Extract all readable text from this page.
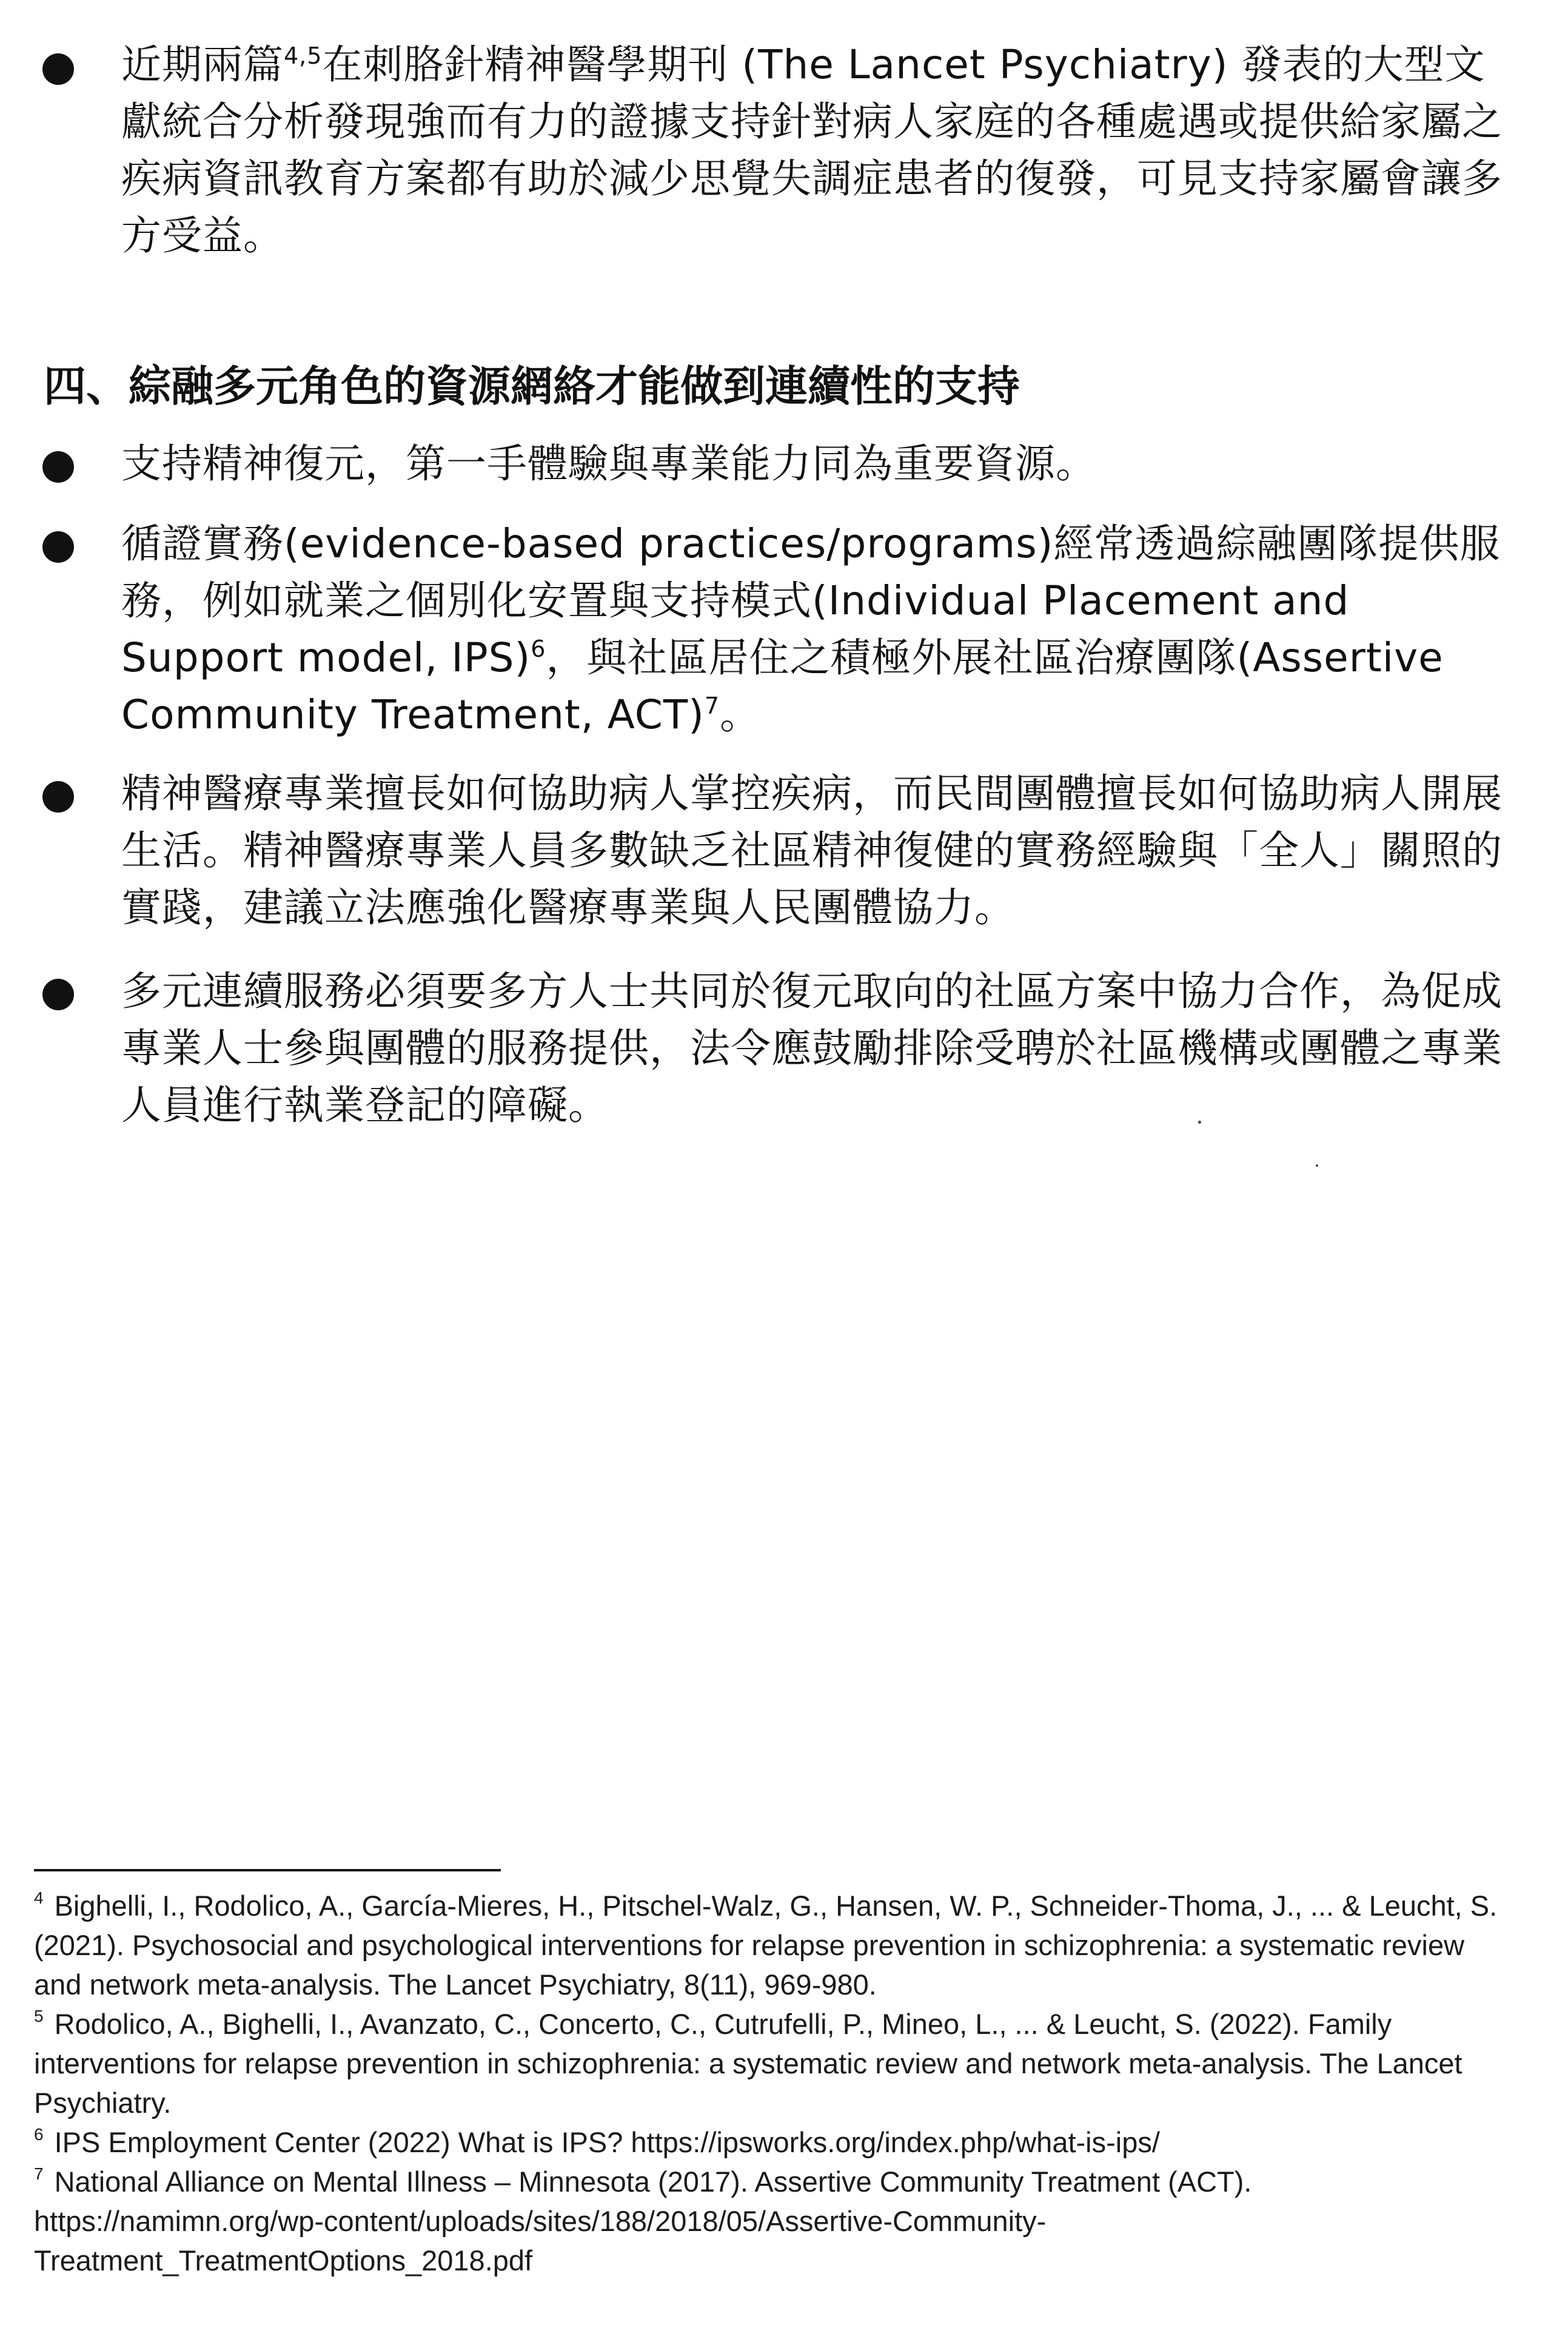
近期兩篇$^{4,5}$在刺胳針精神醫學期刊 (The Lancet Psychiatry) 發表的大型文獻統合分析發現強而有力的證據支持針對病人家庭的各種處遇或提供給家屬之疾病資訊教育方案都有助於減少思覺失調症患者的復發，可見支持家屬會讓多方受益。
四、綜融多元角色的資源網絡才能做到連續性的支持
支持精神復元，第一手體驗與專業能力同為重要資源。
循證實務(evidence-based practices/programs)經常透過綜融團隊提供服務，例如就業之個別化安置與支持模式(Individual Placement and Support model, IPS)$^6$，與社區居住之積極外展社區治療團隊(Assertive Community Treatment, ACT)$^7$。
精神醫療專業擅長如何協助病人掌控疾病，而民間團體擅長如何協助病人開展生活。精神醫療專業人員多數缺乏社區精神復健的實務經驗與「全人」關照的實踐，建議立法應強化醫療專業與人民團體協力。
多元連續服務必須要多方人士共同於復元取向的社區方案中協力合作，為促成專業人士參與團體的服務提供，法令應鼓勵排除受聘於社區機構或團體之專業人員進行執業登記的障礙。

$^4$ Bighelli, I., Rodolico, A., García-Mieres, H., Pitschel-Walz, G., Hansen, W. P., Schneider-Thoma, J., ... & Leucht, S. (2021). Psychosocial and psychological interventions for relapse prevention in schizophrenia: a systematic review and network meta-analysis. The Lancet Psychiatry, 8(11), 969-980.

$^5$ Rodolico, A., Bighelli, I., Avanzato, C., Concerto, C., Cutrufelli, P., Mineo, L., ... & Leucht, S. (2022). Family interventions for relapse prevention in schizophrenia: a systematic review and network meta-analysis. The Lancet Psychiatry.

$^6$ IPS Employment Center (2022) What is IPS? https://ipsworks.org/index.php/what-is-ips/

$^7$ National Alliance on Mental Illness – Minnesota (2017). Assertive Community Treatment (ACT). https://namimn.org/wp-content/uploads/sites/188/2018/05/Assertive-Community-Treatment_TreatmentOptions_2018.pdf
